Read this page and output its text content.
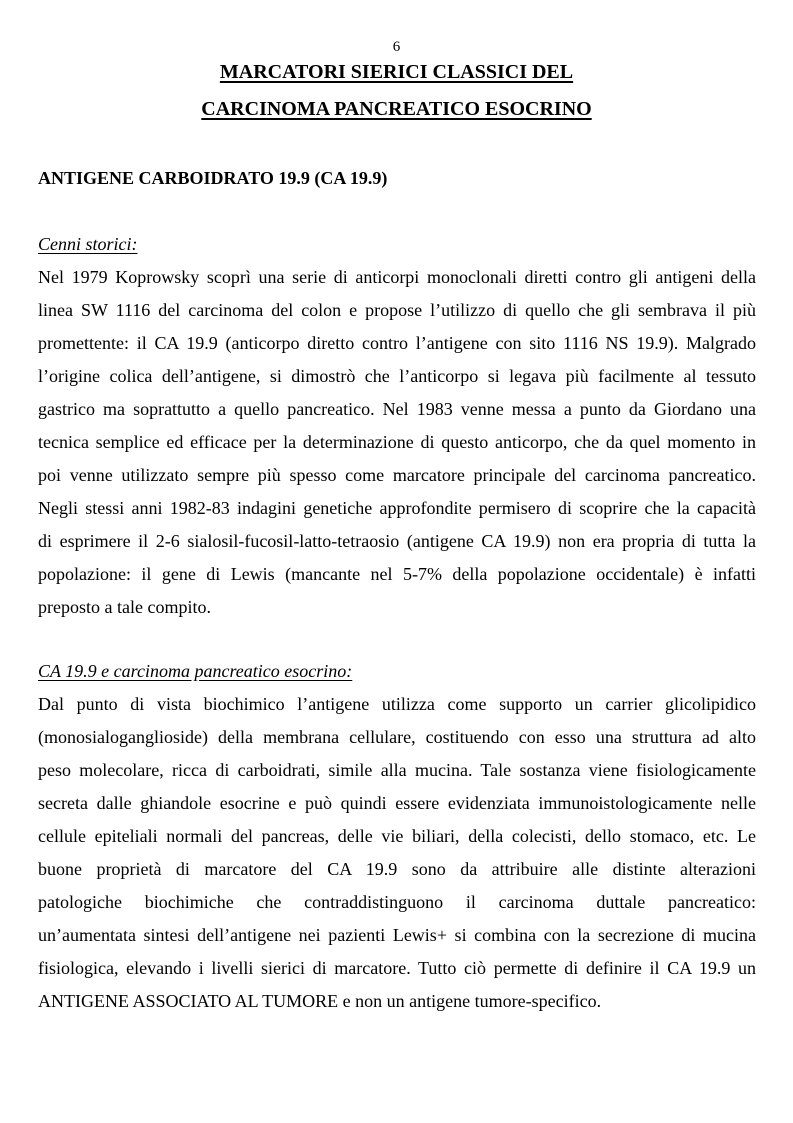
6
MARCATORI SIERICI CLASSICI DEL
CARCINOMA PANCREATICO ESOCRINO
ANTIGENE CARBOIDRATO 19.9 (CA 19.9)
Cenni storici:
Nel 1979 Koprowsky scoprì una serie di anticorpi monoclonali diretti contro gli antigeni della
linea SW 1116 del carcinoma del colon e propose l’utilizzo di quello che gli sembrava il più
promettente: il CA 19.9 (anticorpo diretto contro l’antigene con sito 1116 NS 19.9). Malgrado
l’origine colica dell’antigene, si dimostrò che l’anticorpo si legava più facilmente al tessuto
gastrico ma soprattutto a quello pancreatico. Nel 1983 venne messa a punto da Giordano una
tecnica semplice ed efficace per la determinazione di questo anticorpo, che da quel momento in
poi venne utilizzato sempre più spesso come marcatore principale del carcinoma pancreatico.
Negli stessi anni 1982-83 indagini genetiche approfondite permisero di scoprire che la capacità
di esprimere il 2-6 sialosil-fucosil-latto-tetraosio (antigene CA 19.9) non era propria di tutta la
popolazione: il gene di Lewis (mancante nel 5-7% della popolazione occidentale) è infatti
preposto a tale compito.
CA 19.9 e carcinoma pancreatico esocrino:
Dal punto di vista biochimico l’antigene utilizza come supporto un carrier glicolipidico
(monosialoganglioside) della membrana cellulare, costituendo con esso una struttura ad alto
peso molecolare, ricca di carboidrati, simile alla mucina. Tale sostanza viene fisiologicamente
secreta dalle ghiandole esocrine e può quindi essere evidenziata immunoistologicamente nelle
cellule epiteliali normali del pancreas, delle vie biliari, della colecisti, dello stomaco, etc. Le
buone proprietà di marcatore del CA 19.9 sono da attribuire alle distinte alterazioni
patologiche biochimiche che contraddistinguono il carcinoma duttale pancreatico:
un’aumentata sintesi dell’antigene nei pazienti Lewis+ si combina con la secrezione di mucina
fisiologica, elevando i livelli sierici di marcatore. Tutto ciò permette di definire il CA 19.9 un
ANTIGENE ASSOCIATO AL TUMORE e non un antigene tumore-specifico.
